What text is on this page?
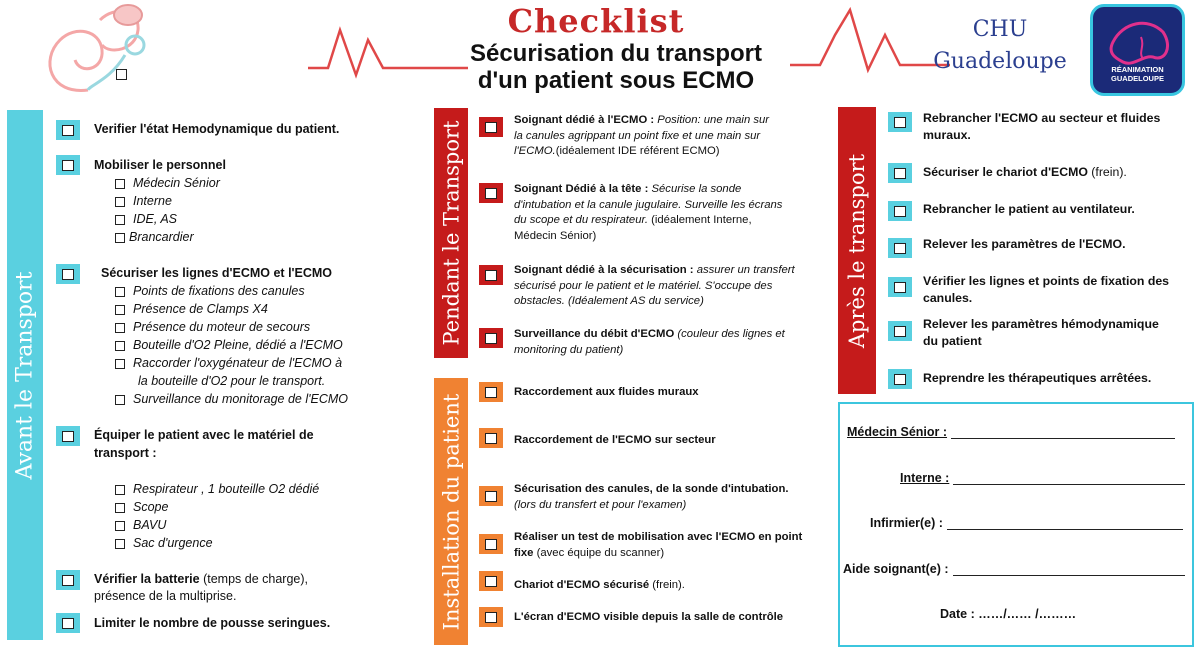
Checklist
Sécurisation du transport
d'un patient sous ECMO
CHU
Guadeloupe	RÉANIMATION
GUADELOUPE
Avant le Transport
Verifier l'état Hemodynamique du patient.
Mobiliser le personnel
Médecin Sénior
Interne
IDE, AS
Brancardier
Sécuriser les lignes d'ECMO et l'ECMO
Points de fixations des canules
Présence de Clamps X4
Présence du moteur de secours
Bouteille d'O2 Pleine, dédié a l'ECMO
Raccorder l'oxygénateur de l'ECMO à
la bouteille d'O2 pour le transport.
Surveillance du monitorage de l'ECMO
Équiper le patient avec le matériel de
transport :
Respirateur , 1 bouteille O2 dédié
Scope
BAVU
Sac d'urgence
Vérifier la batterie (temps de charge),
présence de la multiprise.
Limiter le nombre de pousse seringues.
Pendant le Transport
Installation du patient
Soignant dédié à l'ECMO : Position: une main sur
la canules agrippant un point fixe et une main sur
l'ECMO.(idéalement IDE référent ECMO)
Soignant Dédié à la tête : Sécurise la sonde
d'intubation et la canule jugulaire. Surveille les écrans
du scope et du respirateur. (idéalement Interne,
Médecin Sénior)
Soignant dédié à la sécurisation : assurer un transfert
sécurisé pour le patient et le matériel. S'occupe des
obstacles. (Idéalement AS du service)
Surveillance du débit d'ECMO (couleur des lignes et
monitoring du patient)
Raccordement aux fluides muraux
Raccordement de l'ECMO sur secteur
Sécurisation des canules, de la sonde d'intubation.
(lors du transfert et pour l'examen)
Réaliser un test de mobilisation avec l'ECMO en point
fixe (avec équipe du scanner)
Chariot d'ECMO sécurisé (frein).
L'écran d'ECMO visible depuis la salle de contrôle
Après le transport
Rebrancher l'ECMO au secteur et fluides
muraux.
Sécuriser le chariot d'ECMO (frein).
Rebrancher le patient au ventilateur.
Relever les paramètres de l'ECMO.
Vérifier les lignes et points de fixation des
canules.
Relever les paramètres hémodynamique
du patient
Reprendre les thérapeutiques arrêtées.
Médecin Sénior :
Interne :
Infirmier(e) :
Aide soignant(e) :
Date : ……/…… /………
